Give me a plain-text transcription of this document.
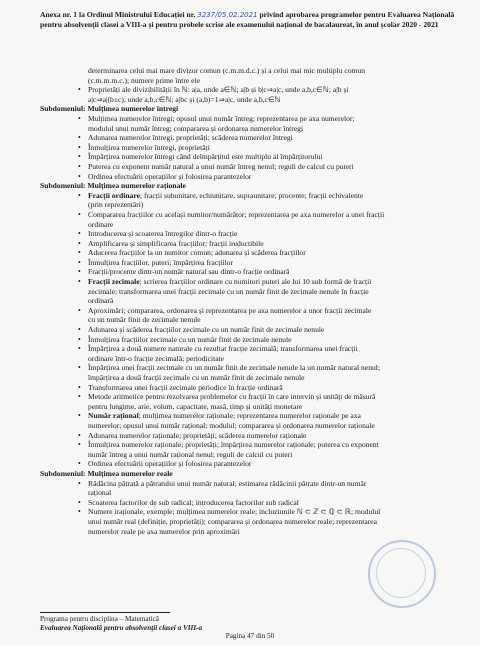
Anexa nr. 1 la Ordinul Ministrului Educației nr. 3237/05.02.2021 privind aprobarea programelor pentru Evaluarea Națională pentru absolvenții clasei a VIII-a și pentru probele scrise ale examenului național de bacalaureat, în anul școlar 2020 - 2021
determinarea celui mai mare divizor comun (c.m.m.d.c.) și a celui mai mic multiplu comun
(c.m.m.m.c.); numere prime între ele
• Proprietăți ale divizibilității în ℕ: a|a, unde a∈ℕ; a|b și b|c⇒a|c, unde a,b,c∈ℕ; a|b și
a|c⇒a|(b±c), unde a,b,c∈ℕ; a|bc și (a,b)=1⇒a|c, unde a,b,c∈ℕ
Subdomeniul: Mulțimea numerelor întregi
• Mulțimea numerelor întregi; opusul unui număr întreg; reprezentarea pe axa numerelor;
modulul unui număr întreg; compararea și ordonarea numerelor întregi
• Adunarea numerelor întregi, proprietăți; scăderea numerelor întregi
• Înmulțirea numerelor întregi, proprietăți
• Împărțirea numerelor întregi când deîmpărțitul este multiplu al împărțitorului
• Puterea cu exponent număr natural a unui număr întreg nenul; reguli de calcul cu puteri
• Ordinea efectuării operațiilor și folosirea parantezelor
Subdomeniul: Mulțimea numerelor raționale
• Fracții ordinare; fracții subunitare, echiunitare, supraunitare; procente; fracții echivalente
(prin reprezentări)
• Compararea fracțiilor cu același numitor/numărător; reprezentarea pe axa numerelor a unei fracții
ordinare
• Introducerea și scoaterea întregilor dintr-o fracție
• Amplificarea și simplificarea fracțiilor; fracții ireductibile
• Aducerea fracțiilor la un numitor comun; adunarea și scăderea fracțiilor
• Înmulțirea fracțiilor, puteri; împărțirea fracțiilor
• Fracții/procente dintr-un număr natural sau dintr-o fracție ordinară
• Fracții zecimale; scrierea fracțiilor ordinare cu numitori puteri ale lui 10 sub formă de fracții
zecimale; transformarea unei fracții zecimale cu un număr finit de zecimale nenule în fracție
ordinară
• Aproximări; compararea, ordonarea și reprezentarea pe axa numerelor a unor fracții zecimale
cu un număr finit de zecimale nenule
• Adunarea și scăderea fracțiilor zecimale cu un număr finit de zecimale nenule
• Înmulțirea fracțiilor zecimale cu un număr finit de zecimale nenule
• Împărțirea a două numere naturale cu rezultat fracție zecimală; transformarea unei fracții
ordinare într-o fracție zecimală; periodicitate
• Împărțirea unei fracții zecimale cu un număr finit de zecimale nenule la un număr natural nenul;
împărțirea a două fracții zecimale cu un număr finit de zecimale nenule
• Transformarea unei fracții zecimale periodice în fracție ordinară
• Metode aritmetice pentru rezolvarea problemelor cu fracții în care intervin și unități de măsură
pentru lungime, arie, volum, capacitate, masă, timp și unități monetare
• Număr rațional; mulțimea numerelor raționale; reprezentarea numerelor raționale pe axa
numerelor; opusul unui număr rațional; modulul; compararea și ordonarea numerelor raționale
• Adunarea numerelor raționale; proprietăți; scăderea numerelor raționale
• Înmulțirea numerelor raționale; proprietăți; împărțirea numerelor raționale; puterea cu exponent
număr întreg a unui număr rațional nenul; reguli de calcul cu puteri
• Ordinea efectuării operațiilor și folosirea parantezelor
Subdomeniul: Mulțimea numerelor reale
• Rădăcina pătrată a pătratului unui număr natural; estimarea rădăcinii pătrate dintr-un număr
rațional
• Scoaterea factorilor de sub radical; introducerea factorilor sub radical
• Numere iraționale, exemple; mulțimea numerelor reale; incluziunile ℕ ⊂ ℤ ⊂ ℚ ⊂ ℝ; modulul
unui număr real (definiție, proprietăți); compararea și ordonarea numerelor reale; reprezentarea
numerelor reale pe axa numerelor prin aproximări
Programa pentru disciplina – Matematică
Evaluarea Națională pentru absolvenții clasei a VIII-a
Pagina 47 din 50
